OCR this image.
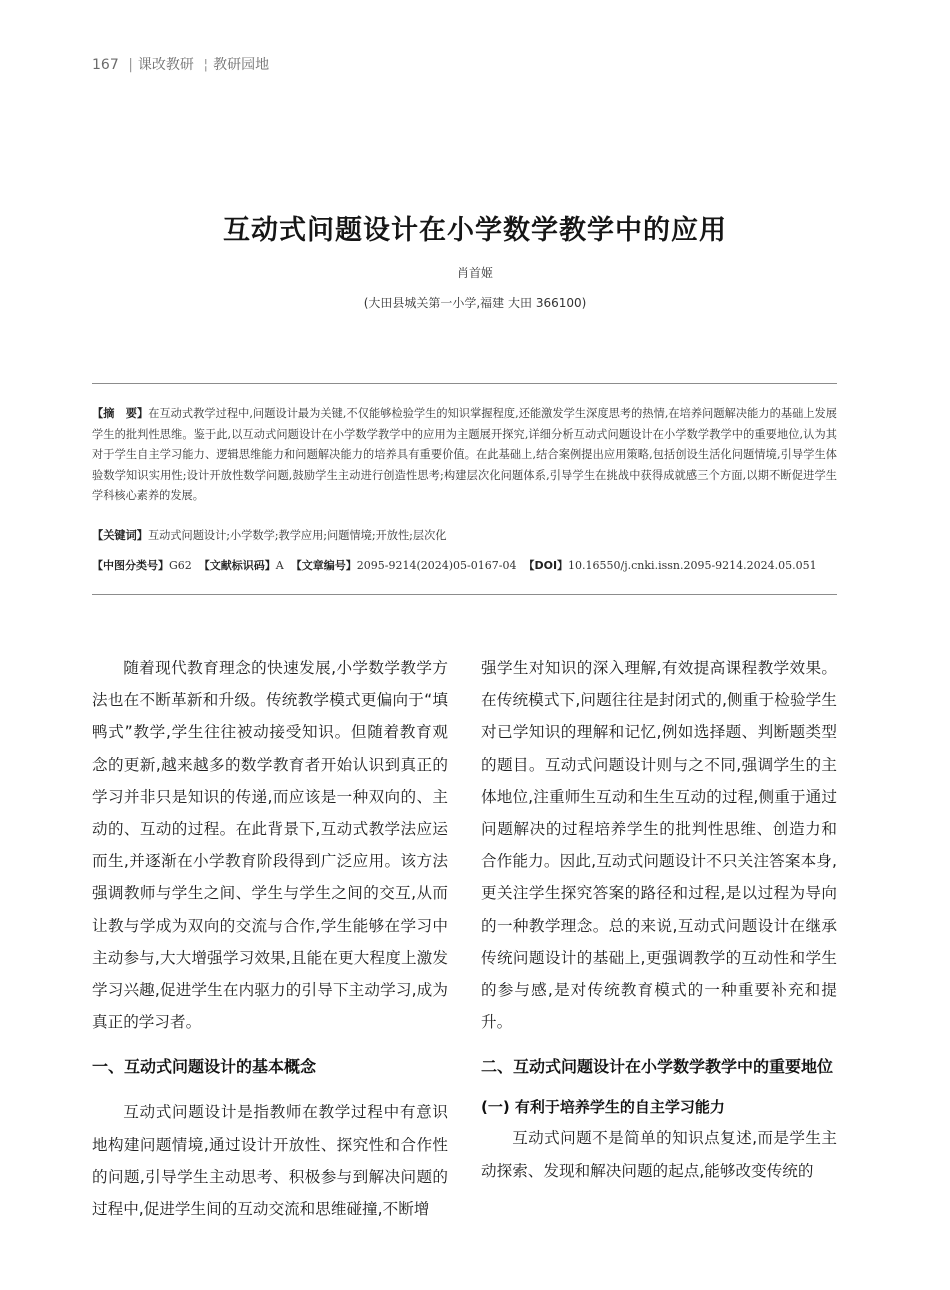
167 | 课改教研 ¦ 教研园地
互动式问题设计在小学数学教学中的应用
肖首姬
(大田县城关第一小学,福建 大田 366100)
【摘　要】在互动式教学过程中,问题设计最为关键,不仅能够检验学生的知识掌握程度,还能激发学生深度思考的热情,在培养问题解决能力的基础上发展学生的批判性思维。鉴于此,以互动式问题设计在小学数学教学中的应用为主题展开探究,详细分析互动式问题设计在小学数学教学中的重要地位,认为其对于学生自主学习能力、逻辑思维能力和问题解决能力的培养具有重要价值。在此基础上,结合案例提出应用策略,包括创设生活化问题情境,引导学生体验数学知识实用性;设计开放性数学问题,鼓励学生主动进行创造性思考;构建层次化问题体系,引导学生在挑战中获得成就感三个方面,以期不断促进学生学科核心素养的发展。
【关键词】互动式问题设计;小学数学;教学应用;问题情境;开放性;层次化
【中图分类号】G62 【文献标识码】A 【文章编号】2095-9214(2024)05-0167-04 【DOI】10.16550/j.cnki.issn.2095-9214.2024.05.051

随着现代教育理念的快速发展,小学数学教学方法也在不断革新和升级。传统教学模式更偏向于“填鸭式”教学,学生往往被动接受知识。但随着教育观念的更新,越来越多的数学教育者开始认识到真正的学习并非只是知识的传递,而应该是一种双向的、主动的、互动的过程。在此背景下,互动式教学法应运而生,并逐渐在小学教育阶段得到广泛应用。该方法强调教师与学生之间、学生与学生之间的交互,从而让教与学成为双向的交流与合作,学生能够在学习中主动参与,大大增强学习效果,且能在更大程度上激发学习兴趣,促进学生在内驱力的引导下主动学习,成为真正的学习者。

一、互动式问题设计的基本概念

互动式问题设计是指教师在教学过程中有意识地构建问题情境,通过设计开放性、探究性和合作性的问题,引导学生主动思考、积极参与到解决问题的过程中,促进学生间的互动交流和思维碰撞,不断增

强学生对知识的深入理解,有效提高课程教学效果。在传统模式下,问题往往是封闭式的,侧重于检验学生对已学知识的理解和记忆,例如选择题、判断题类型的题目。互动式问题设计则与之不同,强调学生的主体地位,注重师生互动和生生互动的过程,侧重于通过问题解决的过程培养学生的批判性思维、创造力和合作能力。因此,互动式问题设计不只关注答案本身,更关注学生探究答案的路径和过程,是以过程为导向的一种教学理念。总的来说,互动式问题设计在继承传统问题设计的基础上,更强调教学的互动性和学生的参与感,是对传统教育模式的一种重要补充和提升。

二、互动式问题设计在小学数学教学中的重要地位
(一) 有利于培养学生的自主学习能力

互动式问题不是简单的知识点复述,而是学生主动探索、发现和解决问题的起点,能够改变传统的
